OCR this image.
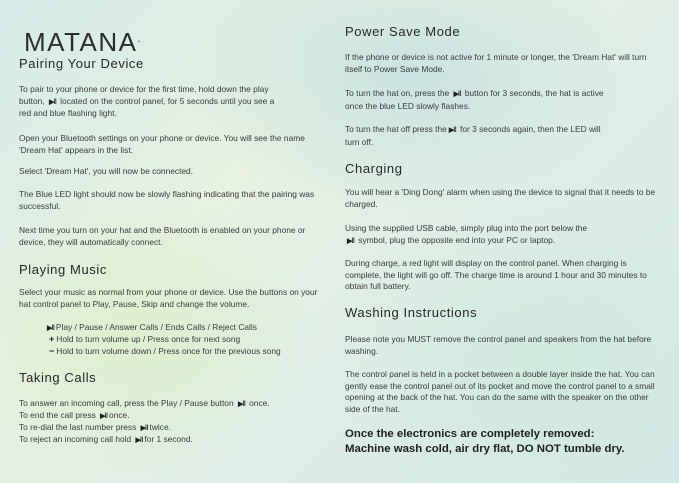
MATANA.
Pairing Your Device

To pair to your phone or device for the first time, hold down the play
button, ▶ǁ located on the control panel, for 5 seconds until you see a
red and blue flashing light.

Open your Bluetooth settings on your phone or device. You will see the name 'Dream Hat' appears in the list.

Select 'Dream Hat', you will now be connected.

The Blue LED light should now be slowly flashing indicating that the pairing was successful.

Next time you turn on your hat and the Bluetooth is enabled on your phone or device, they will automatically connect.

Playing Music

Select your music as normal from your phone or device. Use the buttons on your hat control panel to Play, Pause, Skip and change the volume.

▶ǁ Play / Pause / Answer Calls / Ends Calls / Reject Calls
+ Hold to turn volume up / Press once for next song
− Hold to turn volume down / Press once for the previous song
Taking Calls
To answer an incoming call, press the Play / Pause button ▶ǁ once.
To end the call press ▶ǁ once.
To re-dial the last number press ▶ǁ twice.
To reject an incoming call hold ▶ǁ for 1 second.
Power Save Mode

If the phone or device is not active for 1 minute or longer, the 'Dream Hat' will turn itself to Power Save Mode.

To turn the hat on, press the ▶ǁ button for 3 seconds, the hat is active
once the blue LED slowly flashes.

To turn the hat off press the ▶ǁ for 3 seconds again, then the LED will
turn off.

Charging

You will hear a 'Ding Dong' alarm when using the device to signal that it needs to be charged.

Using the supplied USB cable, simply plug into the port below the
▶ǁ symbol, plug the opposite end into your PC or laptop.

During charge, a red light will display on the control panel. When charging is complete, the light will go off. The charge time is around 1 hour and 30 minutes to obtain full battery.

Washing Instructions

Please note you MUST remove the control panel and speakers from the hat before washing.

The control panel is held in a pocket between a double layer inside the hat. You can gently ease the control panel out of its pocket and move the control panel to a small opening at the back of the hat. You can do the same with the speaker on the other side of the hat.

Once the electronics are completely removed:
Machine wash cold, air dry flat, DO NOT tumble dry.
